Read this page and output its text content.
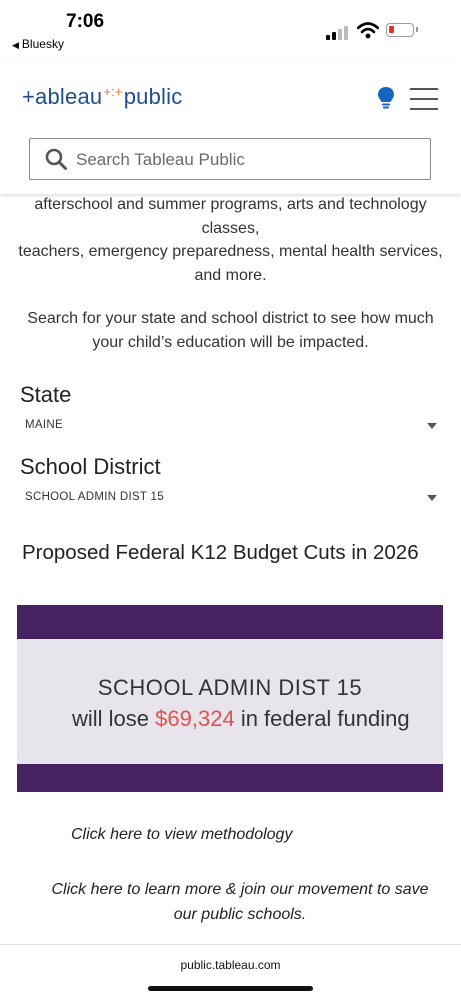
7:06
◀ Bluesky
+ableau+:+public
Search Tableau Public
afterschool and summer programs, arts and technology classes,
teachers, emergency preparedness, mental health services, and more.
Search for your state and school district to see how much your child’s education will be impacted.
State
MAINE
School District
SCHOOL ADMIN DIST 15
Proposed Federal K12 Budget Cuts in 2026
SCHOOL ADMIN DIST 15
will lose $69,324 in federal funding
Click here to view methodology
Click here to learn more & join our movement to save our public schools.
public.tableau.com
